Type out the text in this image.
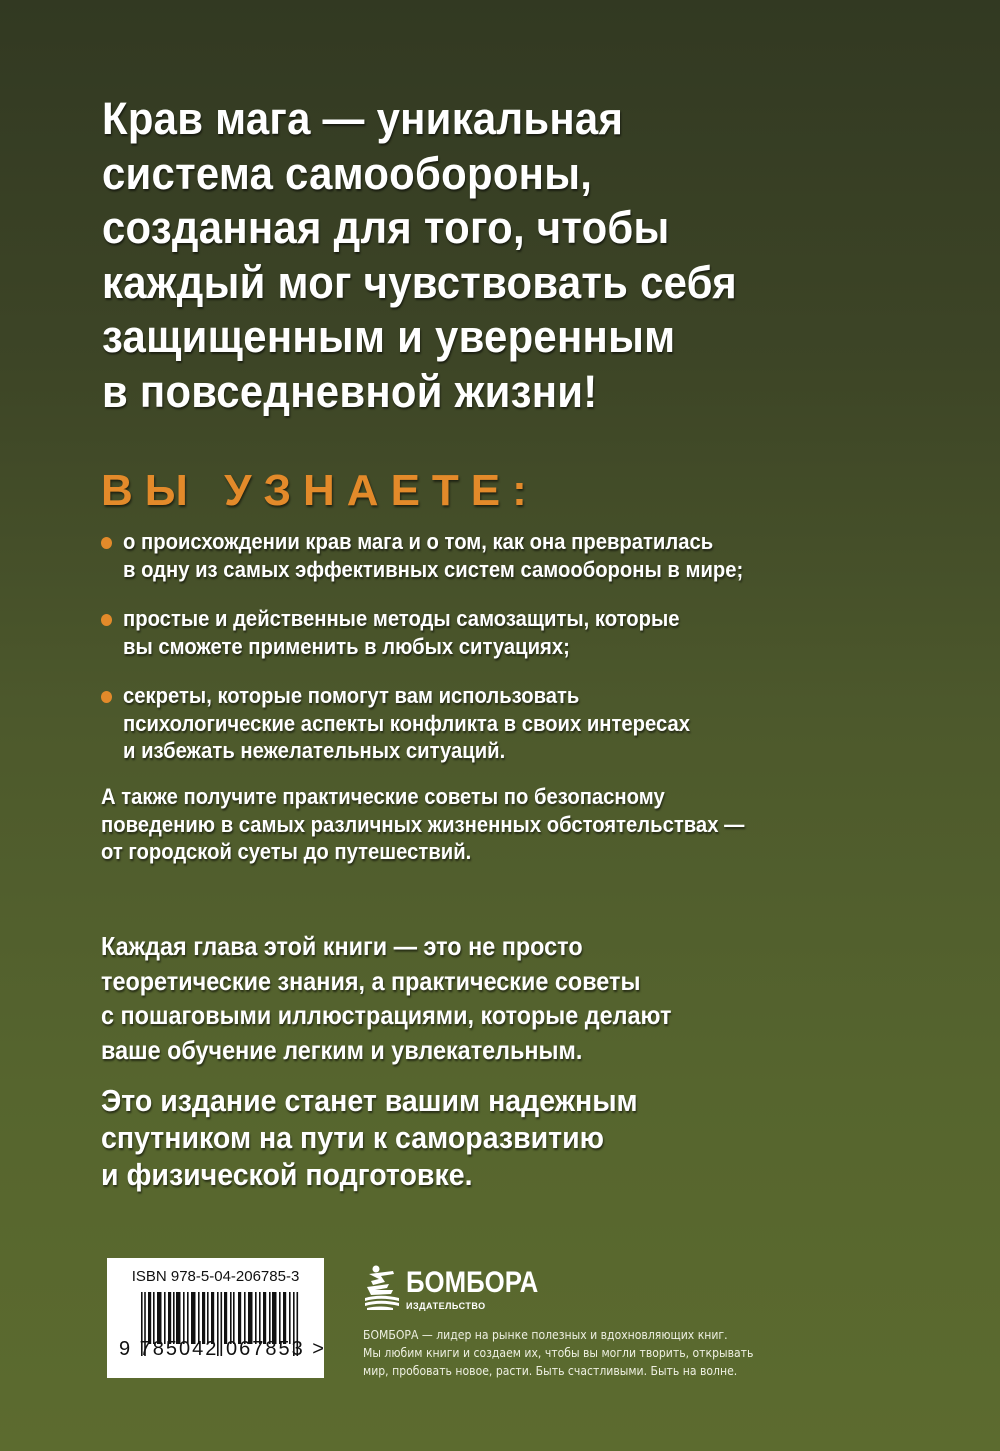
Крав мага — уникальная
система самообороны,
созданная для того, чтобы
каждый мог чувствовать себя
защищенным и уверенным
в повседневной жизни!
ВЫ УЗНАЕТЕ:
о происхождении крав мага и о том, как она превратилась
в одну из самых эффективных систем самообороны в мире;
простые и действенные методы самозащиты, которые
вы сможете применить в любых ситуациях;
секреты, которые помогут вам использовать
психологические аспекты конфликта в своих интересах
и избежать нежелательных ситуаций.
А также получите практические советы по безопасному
поведению в самых различных жизненных обстоятельствах —
от городской суеты до путешествий.
Каждая глава этой книги — это не просто
теоретические знания, а практические советы
с пошаговыми иллюстрациями, которые делают
ваше обучение легким и увлекательным.
Это издание станет вашим надежным
спутником на пути к саморазвитию
и физической подготовке.
ISBN 978-5-04-206785-3
9 785042 067853 >
БОМБОРА
ИЗДАТЕЛЬСТВО
БОМБОРА — лидер на рынке полезных и вдохновляющих книг.
Мы любим книги и создаем их, чтобы вы могли творить, открывать
мир, пробовать новое, расти. Быть счастливыми. Быть на волне.
